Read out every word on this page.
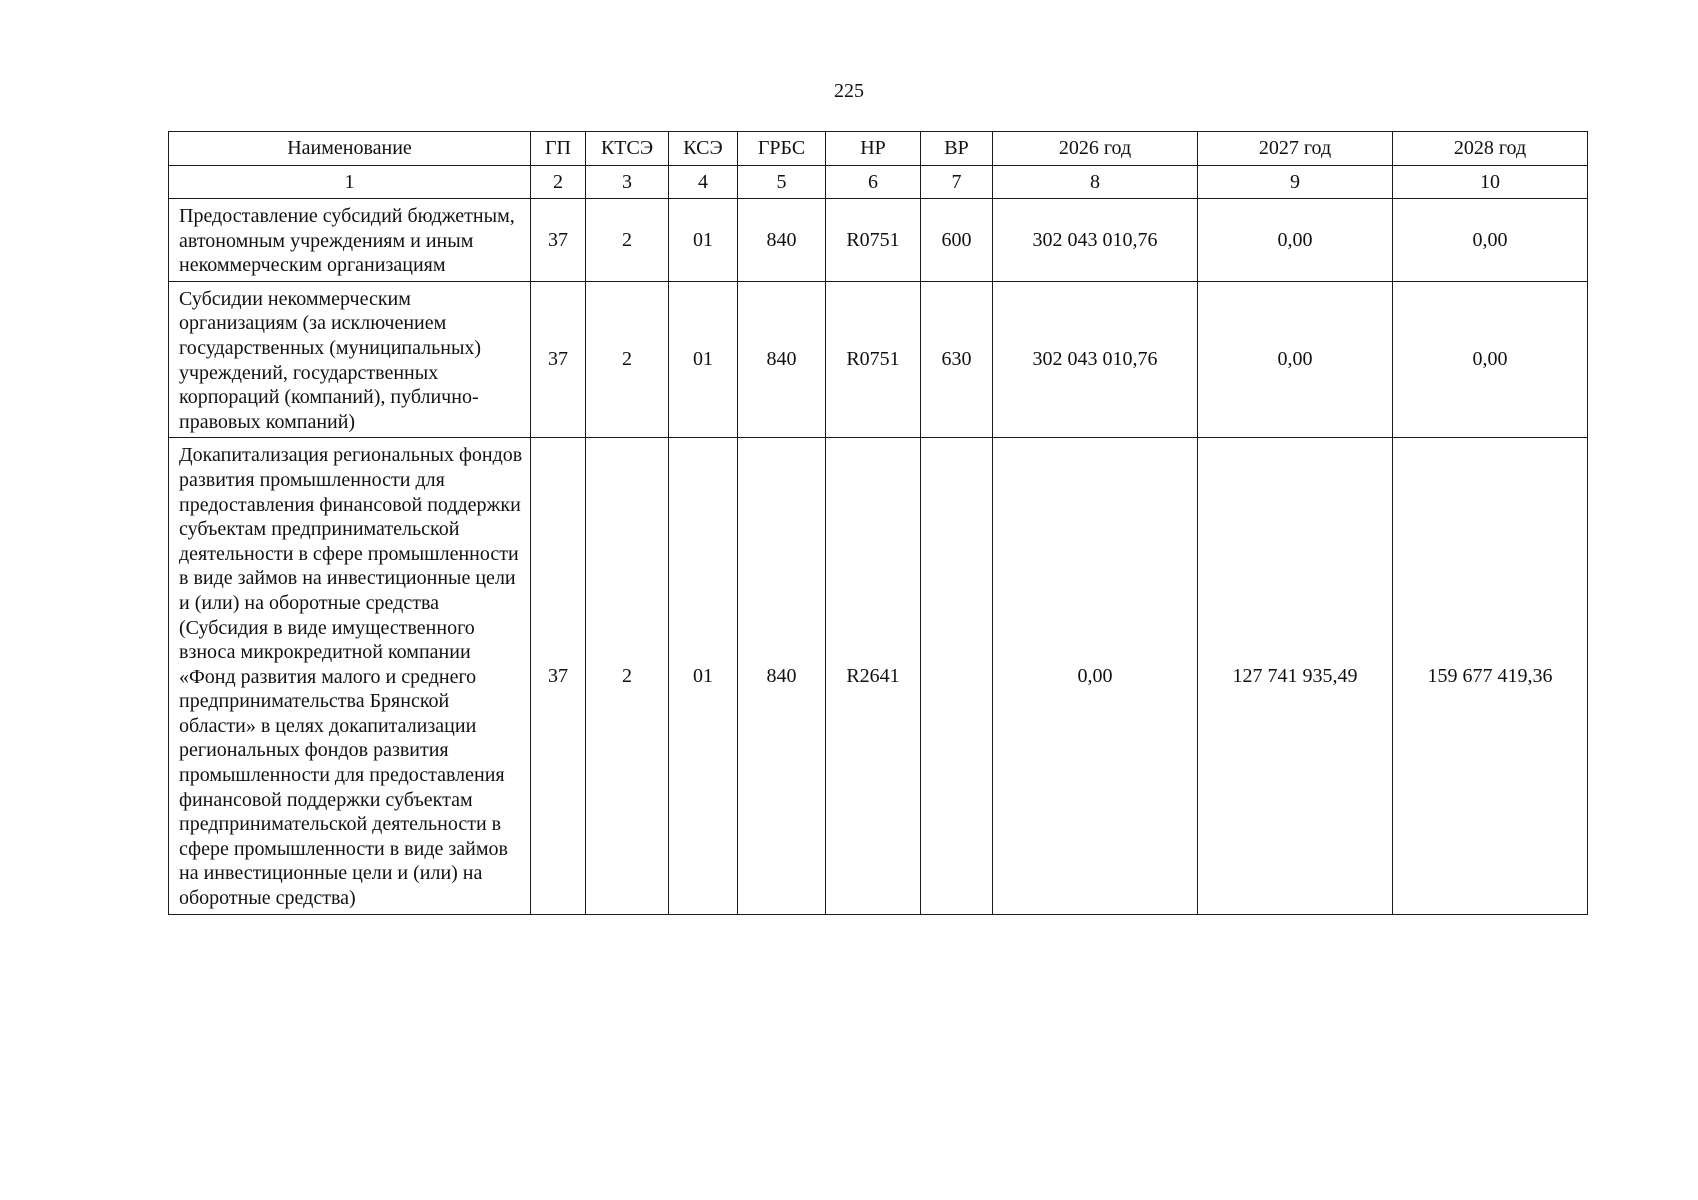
225
Наименование	ГП	КТСЭ	КСЭ	ГРБС	НР	ВР	2026 год	2027 год	2028 год
1	2	3	4	5	6	7	8	9	10
Предоставление субсидий бюджетным, автономным учреждениям и иным некоммерческим организациям	37	2	01	840	R0751	600	302 043 010,76	0,00	0,00
Субсидии некоммерческим организациям (за исключением государственных (муниципальных) учреждений, государственных корпораций (компаний), публично-правовых компаний)	37	2	01	840	R0751	630	302 043 010,76	0,00	0,00
Докапитализация региональных фондов развития промышленности для предоставления финансовой поддержки субъектам предпринимательской деятельности в сфере промышленности в виде займов на инвестиционные цели и (или) на оборотные средства (Субсидия в виде имущественного взноса микрокредитной компании «Фонд развития малого и среднего предпринимательства Брянской области» в целях докапитализации региональных фондов развития промышленности для предоставления финансовой поддержки субъектам предпринимательской деятельности в сфере промышленности в виде займов на инвестиционные цели и (или) на оборотные средства)	37	2	01	840	R2641		0,00	127 741 935,49	159 677 419,36
